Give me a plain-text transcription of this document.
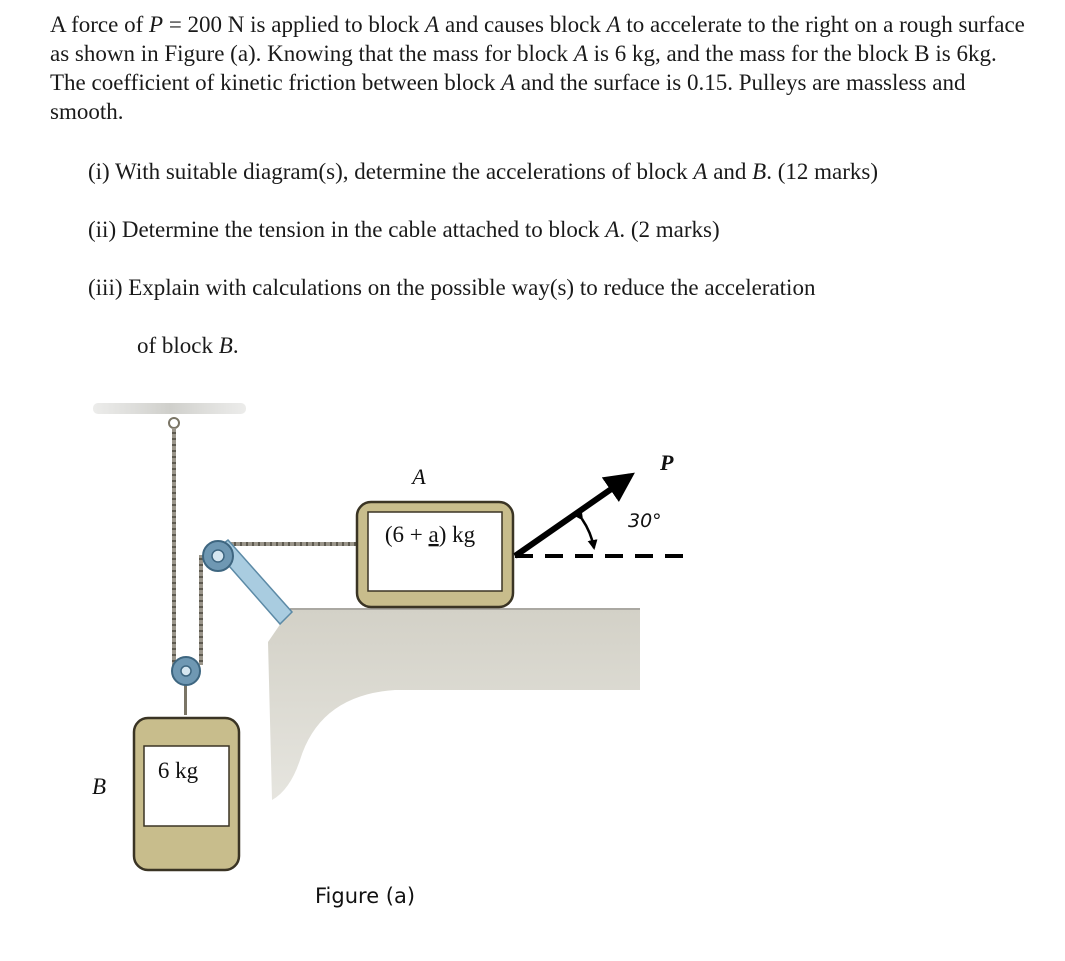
A force of P = 200 N is applied to block A and causes block A to accelerate to the right on a rough surface as shown in Figure (a). Knowing that the mass for block A is 6 kg, and the mass for the block B is 6kg. The coefficient of kinetic friction between block A and the surface is 0.15. Pulleys are massless and smooth.

(i) With suitable diagram(s), determine the accelerations of block A and B. (12 marks)

(ii) Determine the tension in the cable attached to block A. (2 marks)

(iii) Explain with calculations on the possible way(s) to reduce the acceleration

of block B.

6 kg
B
(6 + a) kg
A
P
30°
Figure (a)
